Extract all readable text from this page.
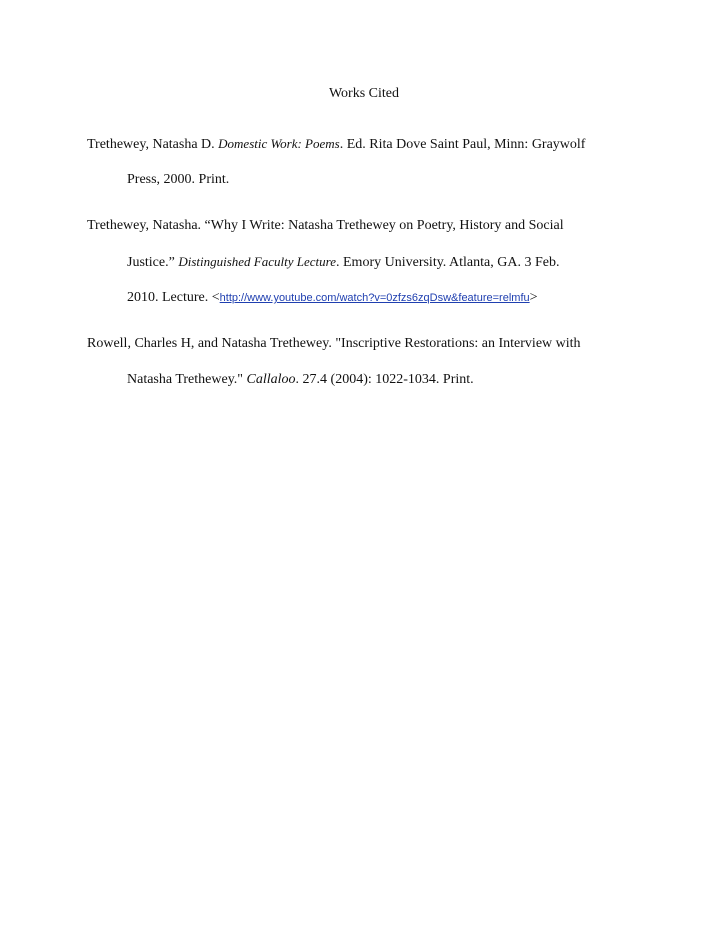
Works Cited
Trethewey, Natasha D. Domestic Work: Poems. Ed. Rita Dove Saint Paul, Minn: Graywolf
Press, 2000. Print.
Trethewey, Natasha. “Why I Write: Natasha Trethewey on Poetry, History and Social
Justice.” Distinguished Faculty Lecture. Emory University. Atlanta, GA. 3 Feb.
2010. Lecture. <http://www.youtube.com/watch?v=0zfzs6zqDsw&feature=relmfu>
Rowell, Charles H, and Natasha Trethewey. "Inscriptive Restorations: an Interview with
Natasha Trethewey." Callaloo. 27.4 (2004): 1022-1034. Print.
